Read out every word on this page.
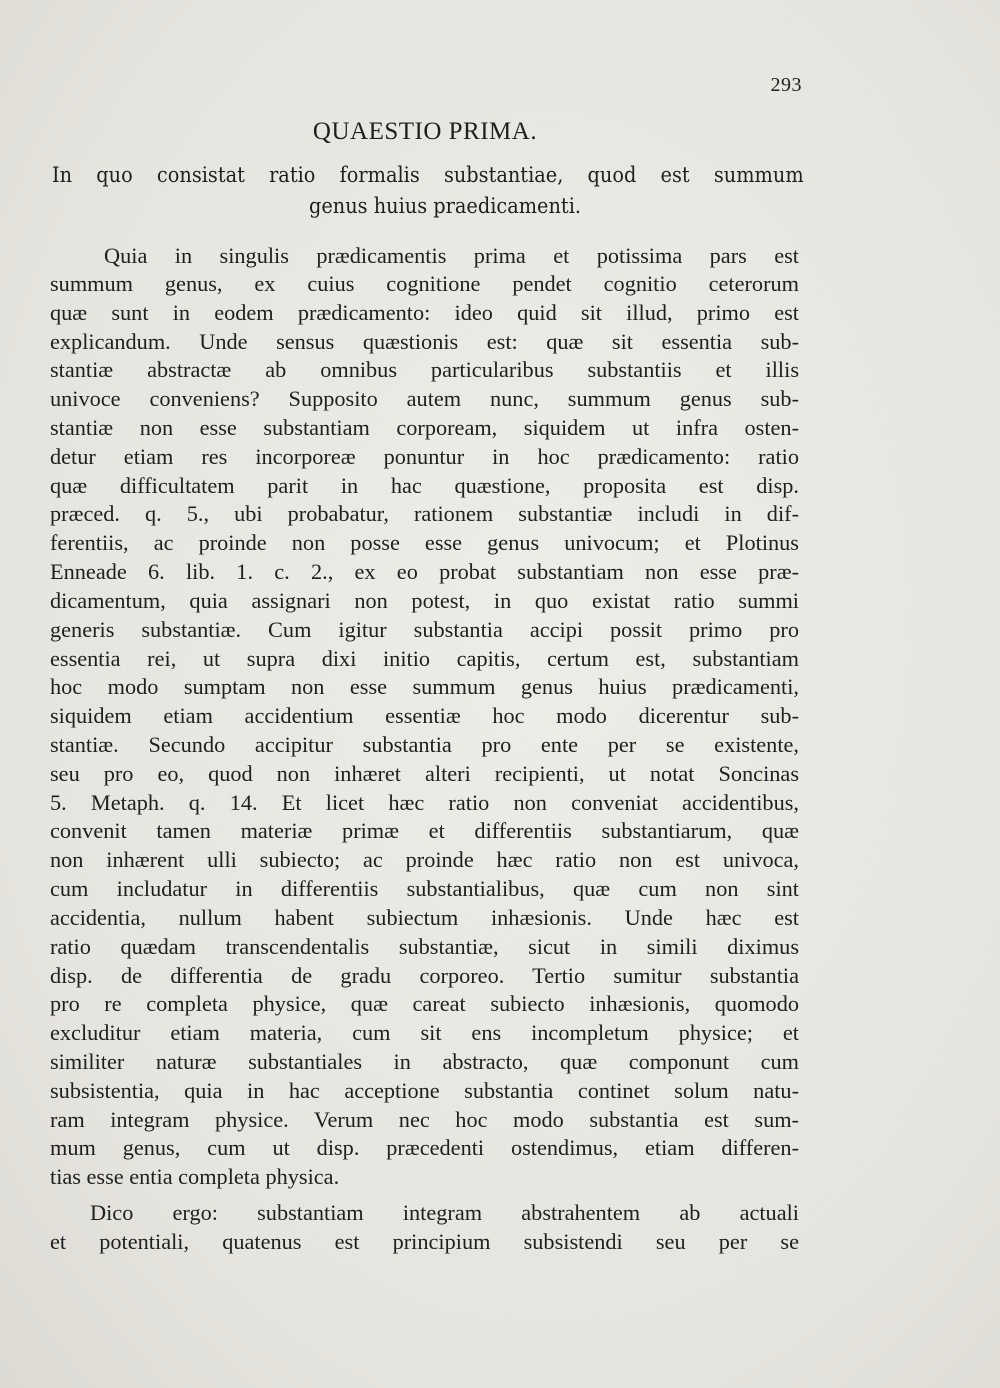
293
QUAESTIO PRIMA.
In quo consistat ratio formalis substantiae, quod est summum
genus huius praedicamenti.
Quia in singulis prædicamentis prima et potissima pars est
summum genus, ex cuius cognitione pendet cognitio ceterorum
quæ sunt in eodem prædicamento: ideo quid sit illud, primo est
explicandum. Unde sensus quæstionis est: quæ sit essentia sub-
stantiæ abstractæ ab omnibus particularibus substantiis et illis
univoce conveniens? Supposito autem nunc, summum genus sub-
stantiæ non esse substantiam corpoream, siquidem ut infra osten-
detur etiam res incorporeæ ponuntur in hoc prædicamento: ratio
quæ difficultatem parit in hac quæstione, proposita est disp.
præced. q. 5., ubi probabatur, rationem substantiæ includi in dif-
ferentiis, ac proinde non posse esse genus univocum; et Plotinus
Enneade 6. lib. 1. c. 2., ex eo probat substantiam non esse præ-
dicamentum, quia assignari non potest, in quo existat ratio summi
generis substantiæ. Cum igitur substantia accipi possit primo pro
essentia rei, ut supra dixi initio capitis, certum est, substantiam
hoc modo sumptam non esse summum genus huius prædicamenti,
siquidem etiam accidentium essentiæ hoc modo dicerentur sub-
stantiæ. Secundo accipitur substantia pro ente per se existente,
seu pro eo, quod non inhæret alteri recipienti, ut notat Soncinas
5. Metaph. q. 14. Et licet hæc ratio non conveniat accidentibus,
convenit tamen materiæ primæ et differentiis substantiarum, quæ
non inhærent ulli subiecto; ac proinde hæc ratio non est univoca,
cum includatur in differentiis substantialibus, quæ cum non sint
accidentia, nullum habent subiectum inhæsionis. Unde hæc est
ratio quædam transcendentalis substantiæ, sicut in simili diximus
disp. de differentia de gradu corporeo. Tertio sumitur substantia
pro re completa physice, quæ careat subiecto inhæsionis, quomodo
excluditur etiam materia, cum sit ens incompletum physice; et
similiter naturæ substantiales in abstracto, quæ componunt cum
subsistentia, quia in hac acceptione substantia continet solum natu-
ram integram physice. Verum nec hoc modo substantia est sum-
mum genus, cum ut disp. præcedenti ostendimus, etiam differen-
tias esse entia completa physica.
Dico ergo: substantiam integram abstrahentem ab actuali
et potentiali, quatenus est principium subsistendi seu per se
